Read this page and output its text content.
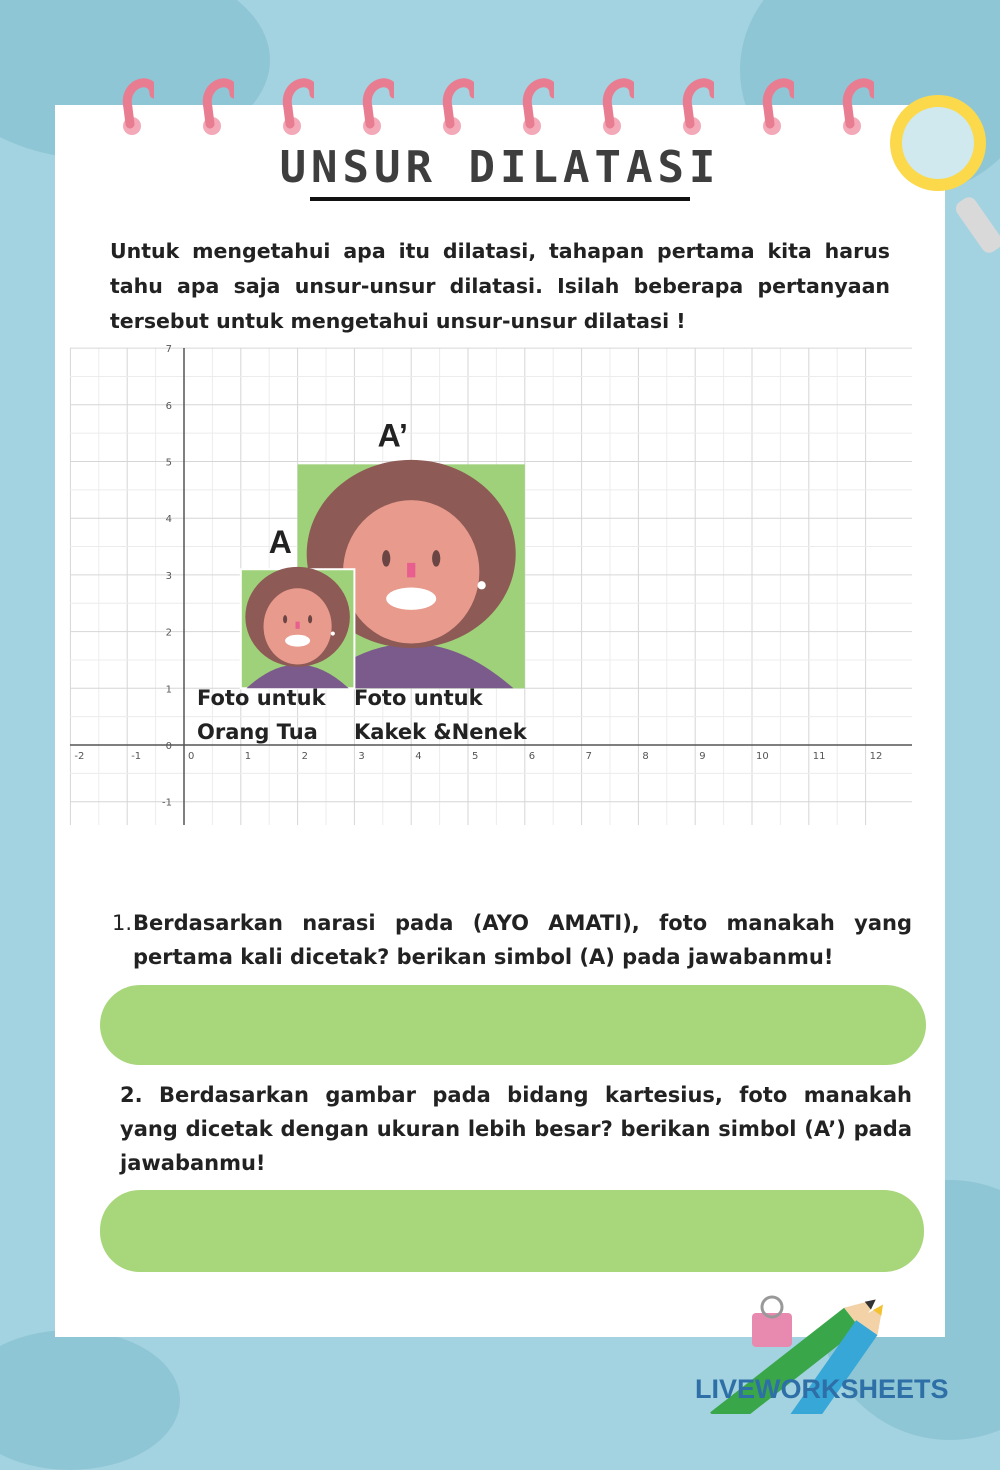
UNSUR DILATASI
Untuk mengetahui apa itu dilatasi, tahapan pertama kita harus tahu apa saja unsur-unsur dilatasi. Isilah beberapa pertanyaan tersebut untuk mengetahui unsur-unsur dilatasi !
-2	-1	0	1	2	3	4	5	6	7	8	9	10	11	12
-1
0
1
2
3
4
5
6
7
A
A’
Foto untuk
Orang Tua
Foto untuk
Kakek &Nenek
1. Berdasarkan narasi pada (AYO AMATI), foto manakah yang pertama kali dicetak? berikan simbol (A) pada jawabanmu!
2. Berdasarkan gambar pada bidang kartesius, foto manakah yang dicetak dengan ukuran lebih besar? berikan simbol (A’) pada jawabanmu!
LIVEWORKSHEETS
